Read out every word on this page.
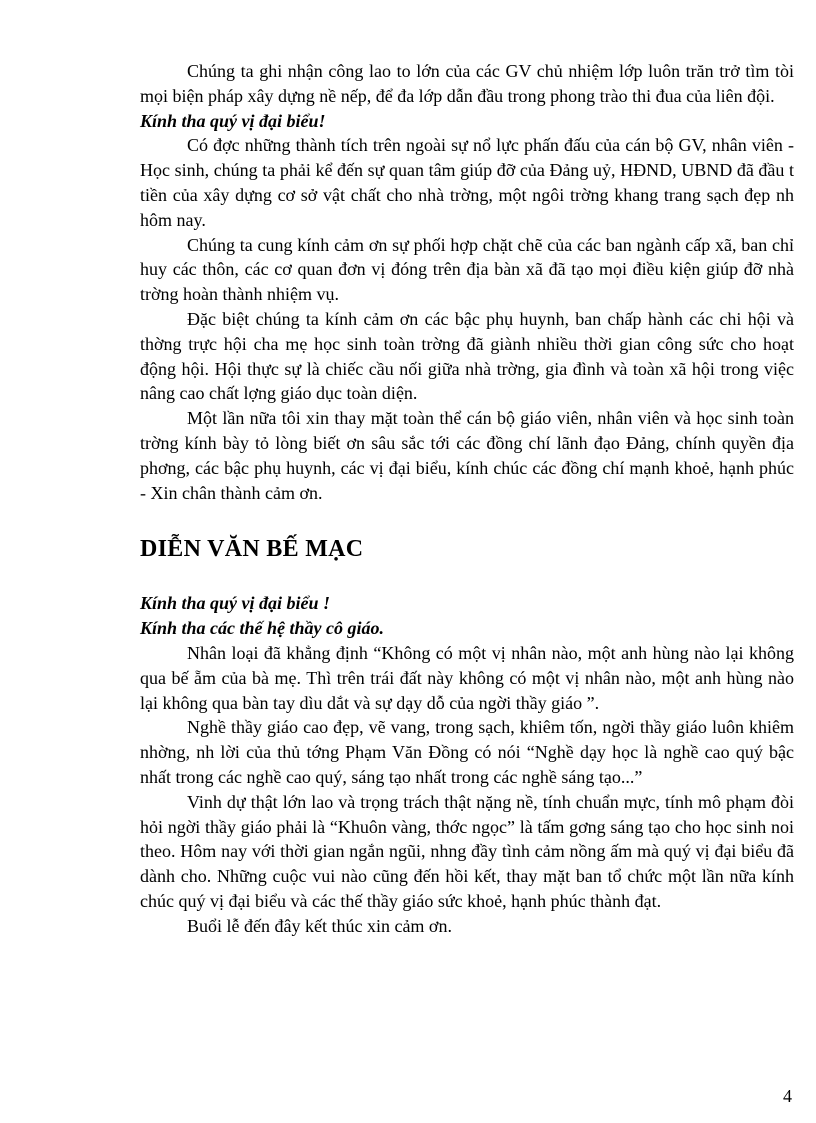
Chúng ta ghi nhận công lao to lớn của các GV chủ nhiệm lớp luôn trăn trở tìm tòi mọi biện pháp xây dựng nề nếp, để đa lớp dẫn đầu trong phong trào thi đua của liên đội.

Kính tha quý vị đại biểu!

Có đợc những thành tích trên ngoài sự nổ lực phấn đấu của cán bộ GV, nhân viên - Học sinh, chúng ta phải kể đến sự quan tâm giúp đỡ của Đảng uỷ, HĐND, UBND đã đầu t tiền của xây dựng cơ sở vật chất cho nhà trờng, một ngôi trờng khang trang sạch đẹp nh hôm nay.

Chúng ta cung kính cảm ơn sự phối hợp chặt chẽ của các ban ngành cấp xã, ban chỉ huy các thôn, các cơ quan đơn vị đóng trên địa bàn xã đã tạo mọi điều kiện giúp đỡ nhà trờng hoàn thành nhiệm vụ.

Đặc biệt chúng ta kính cảm ơn các bậc phụ huynh, ban chấp hành các chi hội và thờng trực hội cha mẹ học sinh toàn trờng đã giành nhiều thời gian công sức cho hoạt động hội. Hội thực sự là chiếc cầu nối giữa nhà trờng, gia đình và toàn xã hội trong việc nâng cao chất lợng giáo dục toàn diện.

Một lần nữa tôi xin thay mặt toàn thể cán bộ giáo viên, nhân viên và học sinh toàn trờng kính bày tỏ lòng biết ơn sâu sắc tới các đồng chí lãnh đạo Đảng, chính quyền địa phơng, các bậc phụ huynh, các vị đại biểu, kính chúc các đồng chí mạnh khoẻ, hạnh phúc - Xin chân thành cảm ơn.

DIỄN VĂN BẾ MẠC

Kính tha quý vị đại biểu !

Kính tha các thế hệ thầy cô giáo.

Nhân loại đã khẳng định “Không có một vị nhân nào, một anh hùng nào lại không qua bế ẵm của bà mẹ. Thì trên trái đất này không có một vị nhân nào, một anh hùng nào lại không qua bàn tay dìu dắt và sự dạy dỗ của ngời thầy giáo ”.

Nghề thầy giáo cao đẹp, vẽ vang, trong sạch, khiêm tốn, ngời thầy giáo luôn khiêm nhờng, nh lời của thủ tớng Phạm Văn Đồng có nói “Nghề dạy học là nghề cao quý bậc nhất trong các nghề cao quý, sáng tạo nhất trong các nghề sáng tạo...”

Vinh dự thật lớn lao và trọng trách thật nặng nề, tính chuẩn mực, tính mô phạm đòi hỏi ngời thầy giáo phải là “Khuôn vàng, thớc ngọc” là tấm gơng sáng tạo cho học sinh noi theo. Hôm nay với thời gian ngắn ngũi, nhng đầy tình cảm nồng ấm mà quý vị đại biểu đã dành cho. Những cuộc vui nào cũng đến hồi kết, thay mặt ban tổ chức một lần nữa kính chúc quý vị đại biểu và các thế thầy giáo sức khoẻ, hạnh phúc thành đạt.

Buổi lễ đến đây kết thúc xin cảm ơn.

4
